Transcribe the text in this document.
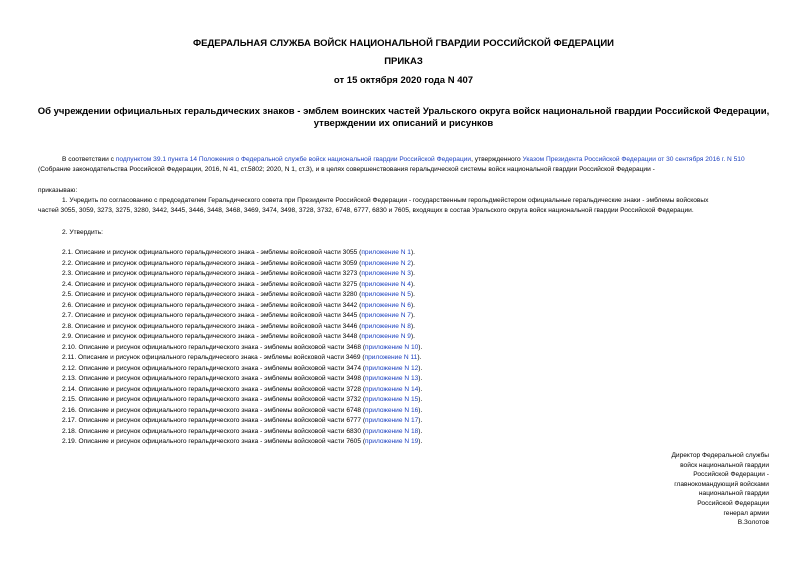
ФЕДЕРАЛЬНАЯ СЛУЖБА ВОЙСК НАЦИОНАЛЬНОЙ ГВАРДИИ РОССИЙСКОЙ ФЕДЕРАЦИИ
ПРИКАЗ
от 15 октября 2020 года N 407
Об учреждении официальных геральдических знаков - эмблем воинских частей Уральского округа войск национальной гвардии Российской Федерации,
утверждении их описаний и рисунков
В соответствии с подпунктом 39.1 пункта 14 Положения о Федеральной службе войск национальной гвардии Российской Федерации, утвержденного Указом Президента Российской Федерации от 30 сентября 2016 г. N 510 (Собрание законодательства Российской Федерации, 2016, N 41, ст.5802; 2020, N 1, ст.3), и в целях совершенствования геральдической системы войск национальной гвардии Российской Федерации -
приказываю:
1. Учредить по согласованию с председателем Геральдического совета при Президенте Российской Федерации - государственным герольдмейстером официальные геральдические знаки - эмблемы войсковых
частей 3055, 3059, 3273, 3275, 3280, 3442, 3445, 3446, 3448, 3468, 3469, 3474, 3498, 3728, 3732, 6748, 6777, 6830 и 7605, входящих в состав Уральского округа войск национальной гвардии Российской Федерации.
2. Утвердить:
2.1. Описание и рисунок официального геральдического знака - эмблемы войсковой части 3055 (приложение N 1).
2.2. Описание и рисунок официального геральдического знака - эмблемы войсковой части 3059 (приложение N 2).
2.3. Описание и рисунок официального геральдического знака - эмблемы войсковой части 3273 (приложение N 3).
2.4. Описание и рисунок официального геральдического знака - эмблемы войсковой части 3275 (приложение N 4).
2.5. Описание и рисунок официального геральдического знака - эмблемы войсковой части 3280 (приложение N 5).
2.6. Описание и рисунок официального геральдического знака - эмблемы войсковой части 3442 (приложение N 6).
2.7. Описание и рисунок официального геральдического знака - эмблемы войсковой части 3445 (приложение N 7).
2.8. Описание и рисунок официального геральдического знака - эмблемы войсковой части 3446 (приложение N 8).
2.9. Описание и рисунок официального геральдического знака - эмблемы войсковой части 3448 (приложение N 9).
2.10. Описание и рисунок официального геральдического знака - эмблемы войсковой части 3468 (приложение N 10).
2.11. Описание и рисунок официального геральдического знака - эмблемы войсковой части 3469 (приложение N 11).
2.12. Описание и рисунок официального геральдического знака - эмблемы войсковой части 3474 (приложение N 12).
2.13. Описание и рисунок официального геральдического знака - эмблемы войсковой части 3498 (приложение N 13).
2.14. Описание и рисунок официального геральдического знака - эмблемы войсковой части 3728 (приложение N 14).
2.15. Описание и рисунок официального геральдического знака - эмблемы войсковой части 3732 (приложение N 15).
2.16. Описание и рисунок официального геральдического знака - эмблемы войсковой части 6748 (приложение N 16).
2.17. Описание и рисунок официального геральдического знака - эмблемы войсковой части 6777 (приложение N 17).
2.18. Описание и рисунок официального геральдического знака - эмблемы войсковой части 6830 (приложение N 18).
2.19. Описание и рисунок официального геральдического знака - эмблемы войсковой части 7605 (приложение N 19).
Директор Федеральной службы
войск национальной гвардии
Российской Федерации -
главнокомандующий войсками
национальной гвардии
Российской Федерации
генерал армии
В.Золотов
